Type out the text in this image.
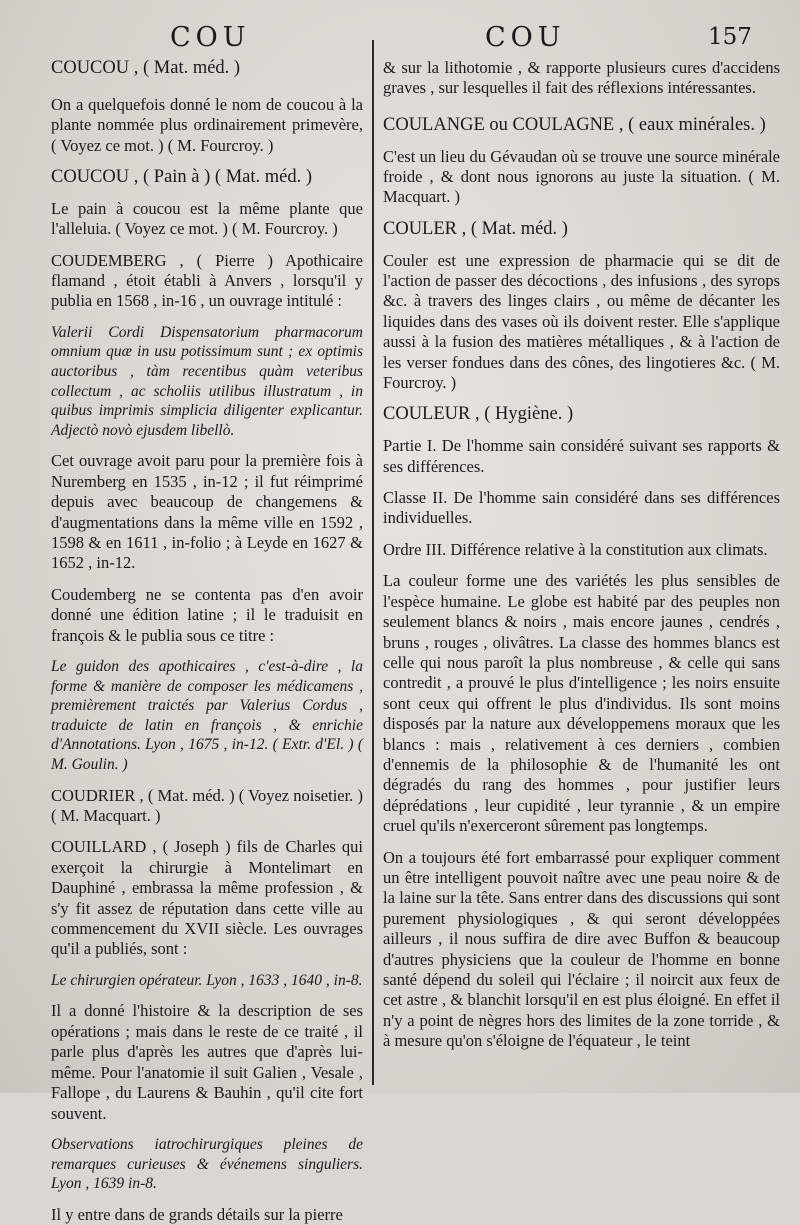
COU	COU	157

COUCOU , ( Mat. méd. )

On a quelquefois donné le nom de coucou à la plante nommée plus ordinairement primevère, ( Voyez ce mot. ) ( M. Fourcroy. )

COUCOU , ( Pain à ) ( Mat. méd. )

Le pain à coucou est la même plante que l'alleluia. ( Voyez ce mot. ) ( M. Fourcroy. )

COUDEMBERG , ( Pierre ) Apothicaire flamand , étoit établi à Anvers , lorsqu'il y publia en 1568 , in-16 , un ouvrage intitulé :

Valerii Cordi Dispensatorium pharmacorum omnium quæ in usu potissimum sunt ; ex optimis auctoribus , tàm recentibus quàm veteribus collectum , ac scholiis utilibus illustratum , in quibus imprimis simplicia diligenter explicantur. Adjectò novò ejusdem libellò.

Cet ouvrage avoit paru pour la première fois à Nuremberg en 1535 , in-12 ; il fut réimprimé depuis avec beaucoup de changemens & d'augmentations dans la même ville en 1592 , 1598 & en 1611 , in-folio ; à Leyde en 1627 & 1652 , in-12.

Coudemberg ne se contenta pas d'en avoir donné une édition latine ; il le traduisit en françois & le publia sous ce titre :

Le guidon des apothicaires , c'est-à-dire , la forme & manière de composer les médicamens , premièrement traictés par Valerius Cordus , traduicte de latin en françois , & enrichie d'Annotations. Lyon , 1675 , in-12. ( Extr. d'El. ) ( M. Goulin. )

COUDRIER , ( Mat. méd. ) ( Voyez noisetier. ) ( M. Macquart. )

COUILLARD , ( Joseph ) fils de Charles qui exerçoit la chirurgie à Montelimart en Dauphiné , embrassa la même profession , & s'y fit assez de réputation dans cette ville au commencement du XVII siècle. Les ouvrages qu'il a publiés, sont :

Le chirurgien opérateur. Lyon , 1633 , 1640 , in-8.

Il a donné l'histoire & la description de ses opérations ; mais dans le reste de ce traité , il parle plus d'après les autres que d'après lui-même. Pour l'anatomie il suit Galien , Vesale , Fallope , du Laurens & Bauhin , qu'il cite fort souvent.

Observations iatrochirurgiques pleines de remarques curieuses & événemens singuliers. Lyon , 1639 in-8.

Il y entre dans de grands détails sur la pierre

& sur la lithotomie , & rapporte plusieurs cures d'accidens graves , sur lesquelles il fait des réflexions intéressantes.

COULANGE ou COULAGNE , ( eaux minérales. )

C'est un lieu du Gévaudan où se trouve une source minérale froide , & dont nous ignorons au juste la situation. ( M. Macquart. )

COULER , ( Mat. méd. )

Couler est une expression de pharmacie qui se dit de l'action de passer des décoctions , des infusions , des syrops &c. à travers des linges clairs , ou même de décanter les liquides dans des vases où ils doivent rester. Elle s'applique aussi à la fusion des matières métalliques , & à l'action de les verser fondues dans des cônes, des lingotieres &c. ( M. Fourcroy. )

COULEUR , ( Hygiène. )

Partie I. De l'homme sain considéré suivant ses rapports & ses différences.

Classe II. De l'homme sain considéré dans ses différences individuelles.

Ordre III. Différence relative à la constitution aux climats.

La couleur forme une des variétés les plus sensibles de l'espèce humaine. Le globe est habité par des peuples non seulement blancs & noirs , mais encore jaunes , cendrés , bruns , rouges , olivâtres. La classe des hommes blancs est celle qui nous paroît la plus nombreuse , & celle qui sans contredit , a prouvé le plus d'intelligence ; les noirs ensuite sont ceux qui offrent le plus d'individus. Ils sont moins disposés par la nature aux développemens moraux que les blancs : mais , relativement à ces derniers , combien d'ennemis de la philosophie & de l'humanité les ont dégradés du rang des hommes , pour justifier leurs déprédations , leur cupidité , leur tyrannie , & un empire cruel qu'ils n'exerceront sûrement pas longtemps.

On a toujours été fort embarrassé pour expliquer comment un être intelligent pouvoit naître avec une peau noire & de la laine sur la tête. Sans entrer dans des discussions qui sont purement physiologiques , & qui seront développées ailleurs , il nous suffira de dire avec Buffon & beaucoup d'autres physiciens que la couleur de l'homme en bonne santé dépend du soleil qui l'éclaire ; il noircit aux feux de cet astre , & blanchit lorsqu'il en est plus éloigné. En effet il n'y a point de nègres hors des limites de la zone torride , & à mesure qu'on s'éloigne de l'équateur , le teint
